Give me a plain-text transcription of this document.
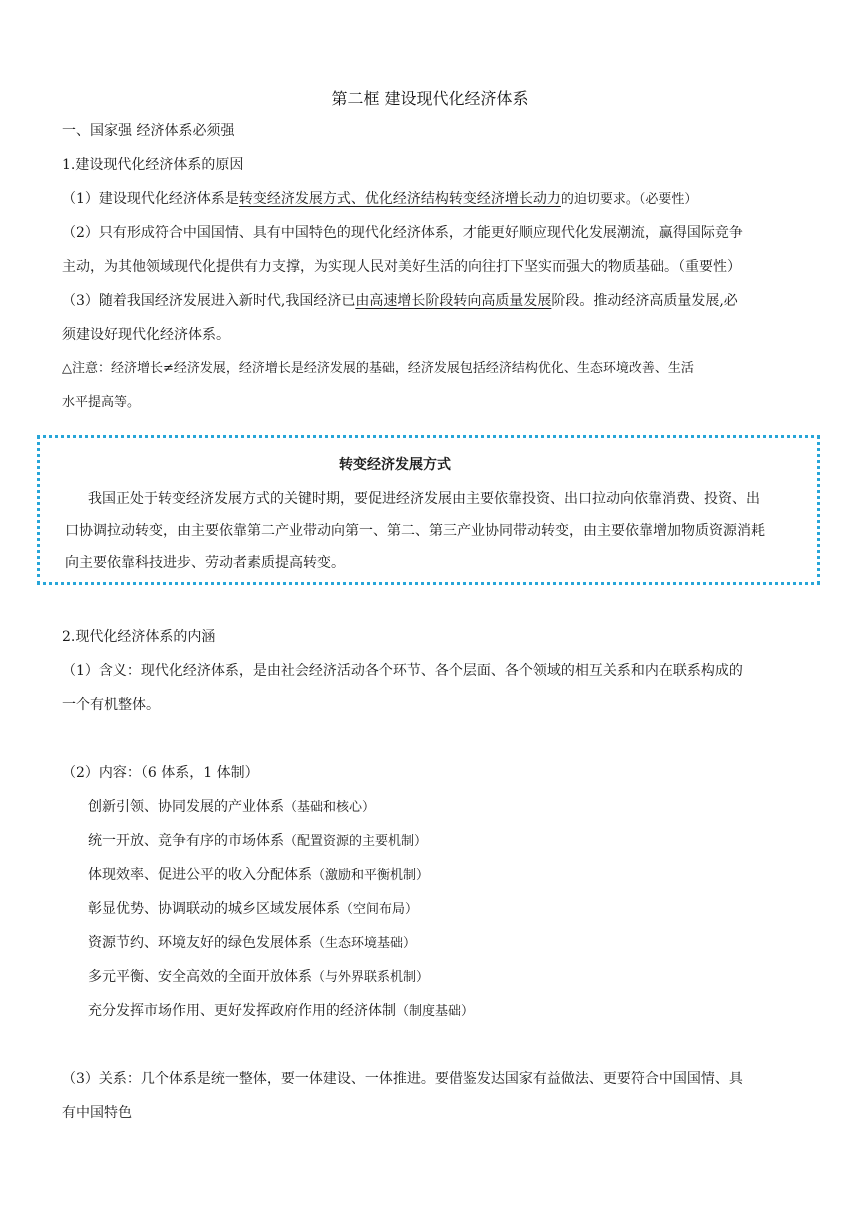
第二框 建设现代化经济体系
一、国家强 经济体系必须强
1.建设现代化经济体系的原因
（1）建设现代化经济体系是转变经济发展方式、优化经济结构转变经济增长动力的迫切要求。（必要性）
（2）只有形成符合中国国情、具有中国特色的现代化经济体系，才能更好顺应现代化发展潮流，赢得国际竞争
主动，为其他领域现代化提供有力支撑，为实现人民对美好生活的向往打下坚实而强大的物质基础。（重要性）
（3）随着我国经济发展进入新时代,我国经济已由高速增长阶段转向高质量发展阶段。推动经济高质量发展,必
须建设好现代化经济体系。
△注意：经济增长≠经济发展，经济增长是经济发展的基础，经济发展包括经济结构优化、生态环境改善、生活
水平提高等。
转变经济发展方式
我国正处于转变经济发展方式的关键时期，要促进经济发展由主要依靠投资、出口拉动向依靠消费、投资、出
口协调拉动转变，由主要依靠第二产业带动向第一、第二、第三产业协同带动转变，由主要依靠增加物质资源消耗
向主要依靠科技进步、劳动者素质提高转变。
2.现代化经济体系的内涵
（1）含义：现代化经济体系，是由社会经济活动各个环节、各个层面、各个领域的相互关系和内在联系构成的
一个有机整体。
（2）内容：（6 体系，1 体制）
创新引领、协同发展的产业体系（基础和核心）
统一开放、竞争有序的市场体系（配置资源的主要机制）
体现效率、促进公平的收入分配体系（激励和平衡机制）
彰显优势、协调联动的城乡区域发展体系（空间布局）
资源节约、环境友好的绿色发展体系（生态环境基础）
多元平衡、安全高效的全面开放体系（与外界联系机制）
充分发挥市场作用、更好发挥政府作用的经济体制（制度基础）
（3）关系：几个体系是统一整体，要一体建设、一体推进。要借鉴发达国家有益做法、更要符合中国国情、具
有中国特色
